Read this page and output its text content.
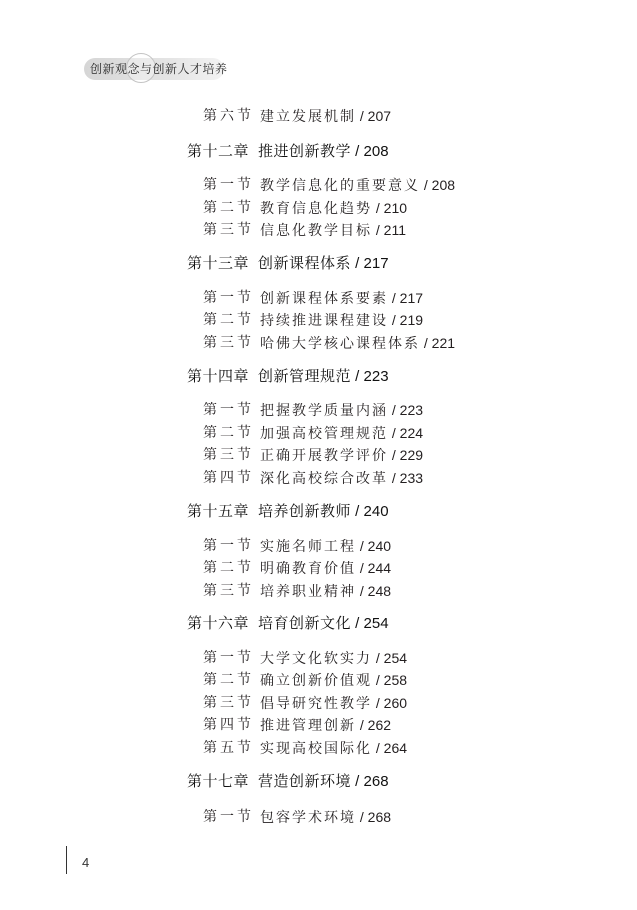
创新观念与创新人才培养
第六节 建立发展机制 / 207
第十二章 推进创新教学 / 208
第一节 教学信息化的重要意义 / 208
第二节 教育信息化趋势 / 210
第三节 信息化教学目标 / 211
第十三章 创新课程体系 / 217
第一节 创新课程体系要素 / 217
第二节 持续推进课程建设 / 219
第三节 哈佛大学核心课程体系 / 221
第十四章 创新管理规范 / 223
第一节 把握教学质量内涵 / 223
第二节 加强高校管理规范 / 224
第三节 正确开展教学评价 / 229
第四节 深化高校综合改革 / 233
第十五章 培养创新教师 / 240
第一节 实施名师工程 / 240
第二节 明确教育价值 / 244
第三节 培养职业精神 / 248
第十六章 培育创新文化 / 254
第一节 大学文化软实力 / 254
第二节 确立创新价值观 / 258
第三节 倡导研究性教学 / 260
第四节 推进管理创新 / 262
第五节 实现高校国际化 / 264
第十七章 营造创新环境 / 268
第一节 包容学术环境 / 268
4
